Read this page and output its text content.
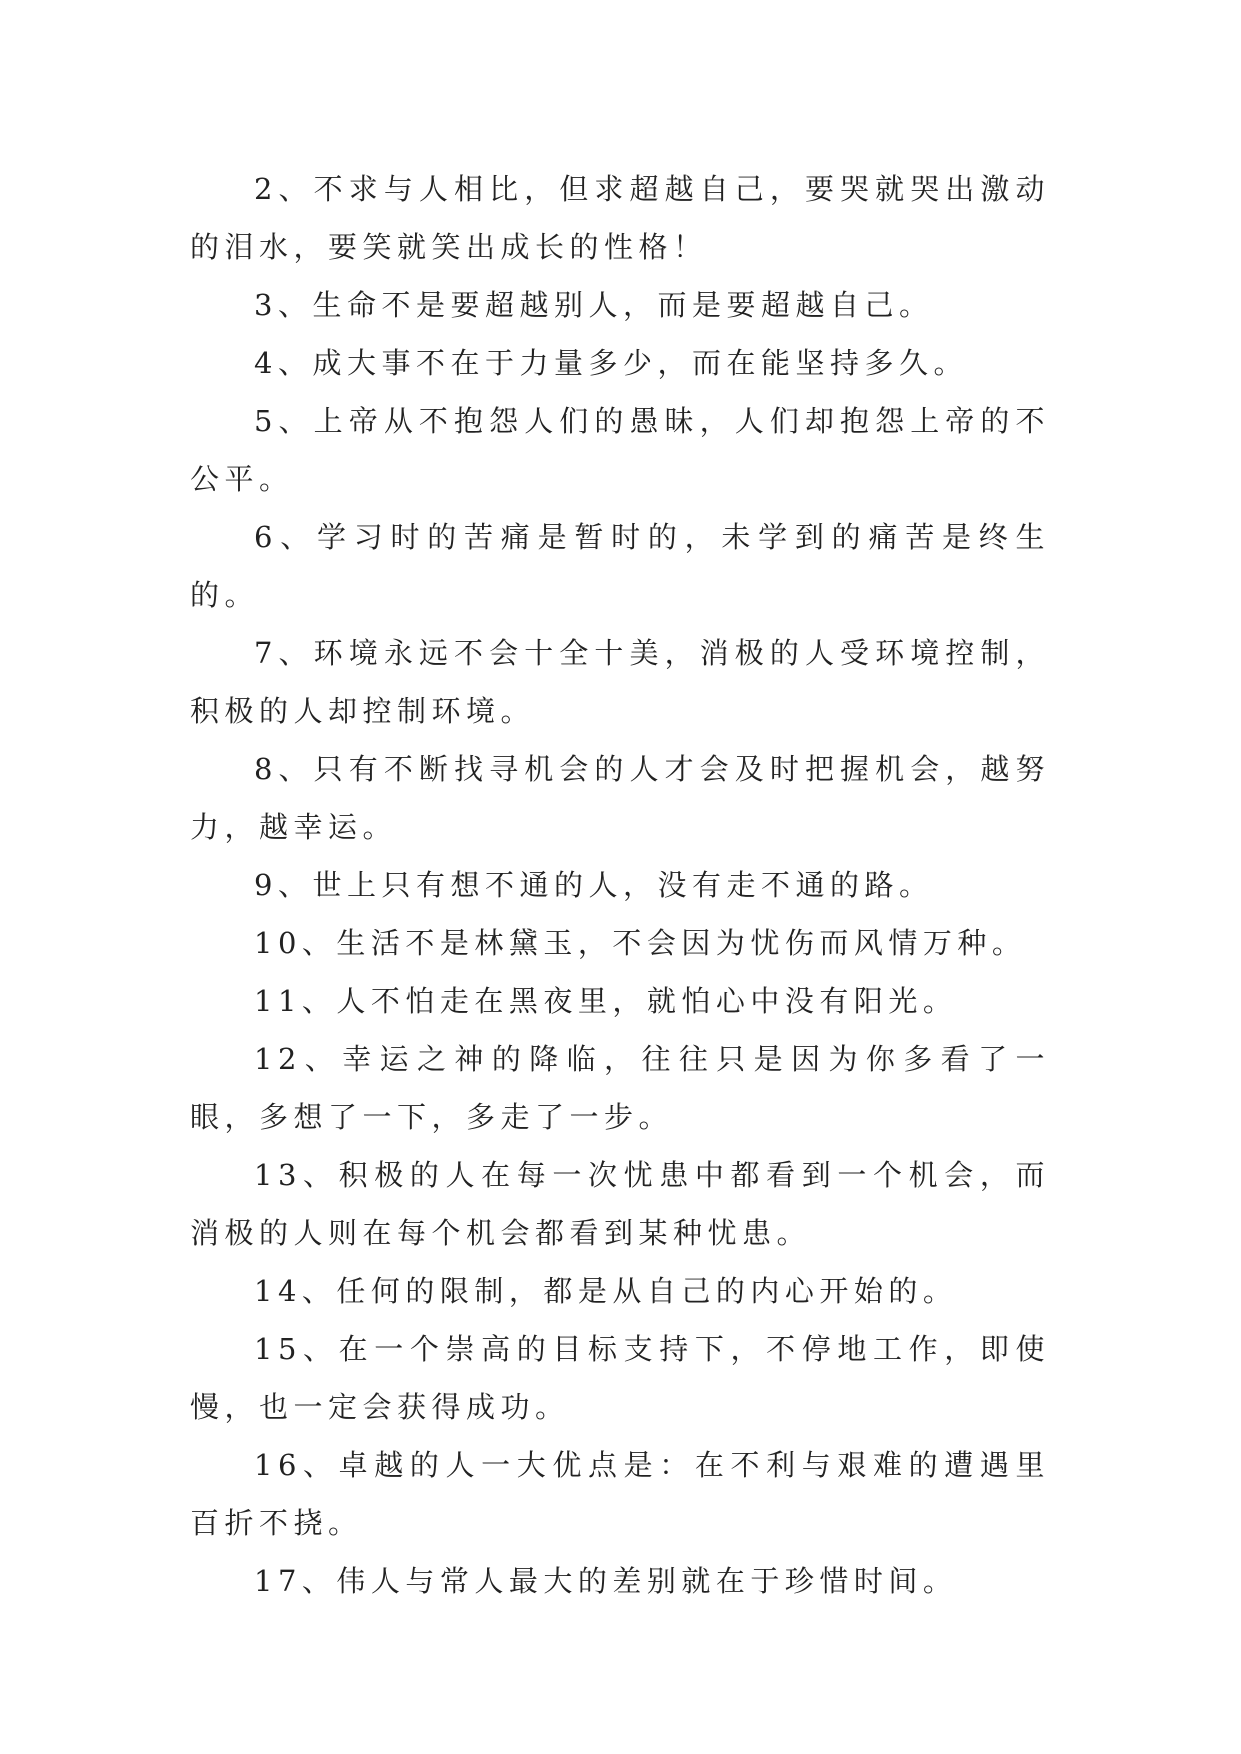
2、不求与人相比，但求超越自己，要哭就哭出激动的泪水，要笑就笑出成长的性格！

3、生命不是要超越别人，而是要超越自己。

4、成大事不在于力量多少，而在能坚持多久。

5、上帝从不抱怨人们的愚昧，人们却抱怨上帝的不公平。

6、学习时的苦痛是暂时的，未学到的痛苦是终生的。

7、环境永远不会十全十美，消极的人受环境控制，积极的人却控制环境。

8、只有不断找寻机会的人才会及时把握机会，越努力，越幸运。

9、世上只有想不通的人，没有走不通的路。

10、生活不是林黛玉，不会因为忧伤而风情万种。

11、人不怕走在黑夜里，就怕心中没有阳光。

12、幸运之神的降临，往往只是因为你多看了一眼，多想了一下，多走了一步。

13、积极的人在每一次忧患中都看到一个机会，而消极的人则在每个机会都看到某种忧患。

14、任何的限制，都是从自己的内心开始的。

15、在一个崇高的目标支持下，不停地工作，即使慢，也一定会获得成功。

16、卓越的人一大优点是：在不利与艰难的遭遇里百折不挠。

17、伟人与常人最大的差别就在于珍惜时间。
